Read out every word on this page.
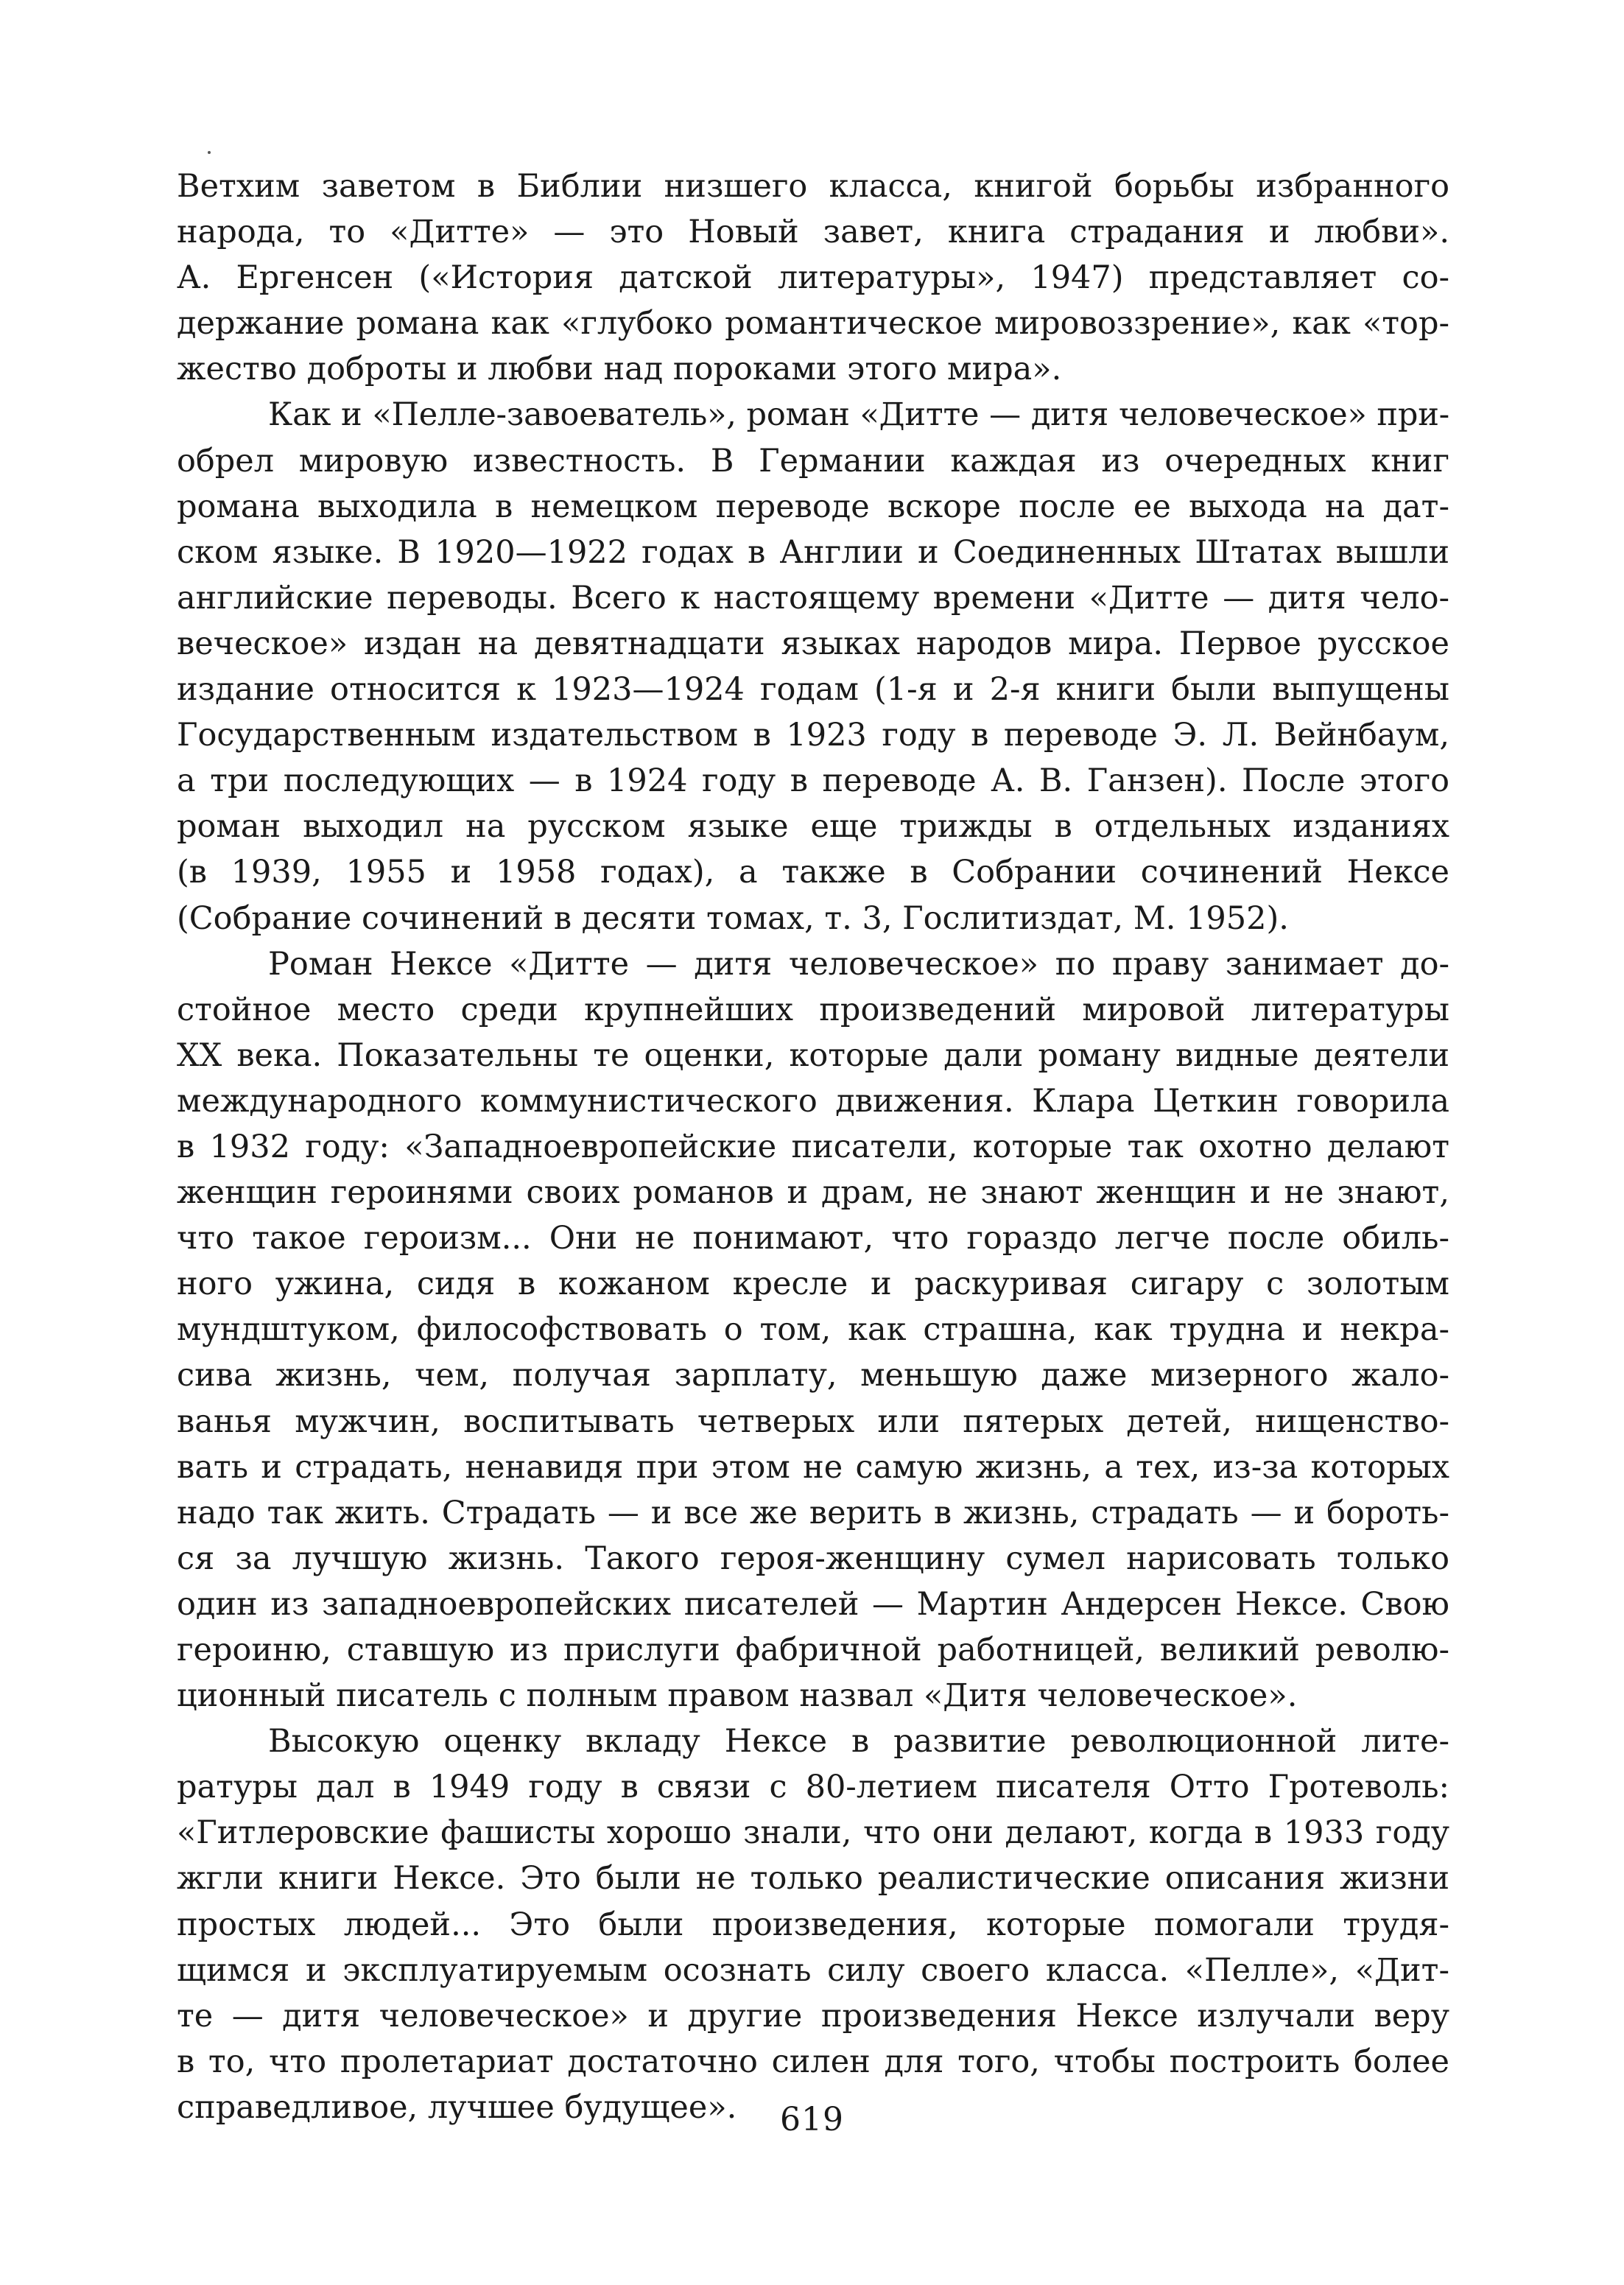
Ветхим заветом в Библии низшего класса, книгой борьбы избранного
народа, то «Дитте» — это Новый завет, книга страдания и любви».
А. Ергенсен («История датской литературы», 1947) представляет со-
держание романа как «глубоко романтическое мировоззрение», как «тор-
жество доброты и любви над пороками этого мира».
Как и «Пелле-завоеватель», роман «Дитте — дитя человеческое» при-
обрел мировую известность. В Германии каждая из очередных книг
романа выходила в немецком переводе вскоре после ее выхода на дат-
ском языке. В 1920—1922 годах в Англии и Соединенных Штатах вышли
английские переводы. Всего к настоящему времени «Дитте — дитя чело-
веческое» издан на девятнадцати языках народов мира. Первое русское
издание относится к 1923—1924 годам (1-я и 2-я книги были выпущены
Государственным издательством в 1923 году в переводе Э. Л. Вейнбаум,
а три последующих — в 1924 году в переводе А. В. Ганзен). После этого
роман выходил на русском языке еще трижды в отдельных изданиях
(в 1939, 1955 и 1958 годах), а также в Собрании сочинений Нексе
(Собрание сочинений в десяти томах, т. 3, Гослитиздат, М. 1952).
Роман Нексе «Дитте — дитя человеческое» по праву занимает до-
стойное место среди крупнейших произведений мировой литературы
XX века. Показательны те оценки, которые дали роману видные деятели
международного коммунистического движения. Клара Цеткин говорила
в 1932 году: «Западноевропейские писатели, которые так охотно делают
женщин героинями своих романов и драм, не знают женщин и не знают,
что такое героизм... Они не понимают, что гораздо легче после обиль-
ного ужина, сидя в кожаном кресле и раскуривая сигару с золотым
мундштуком, философствовать о том, как страшна, как трудна и некра-
сива жизнь, чем, получая зарплату, меньшую даже мизерного жало-
ванья мужчин, воспитывать четверых или пятерых детей, нищенство-
вать и страдать, ненавидя при этом не самую жизнь, а тех, из-за которых
надо так жить. Страдать — и все же верить в жизнь, страдать — и бороть-
ся за лучшую жизнь. Такого героя-женщину сумел нарисовать только
один из западноевропейских писателей — Мартин Андерсен Нексе. Свою
героиню, ставшую из прислуги фабричной работницей, великий револю-
ционный писатель с полным правом назвал «Дитя человеческое».
Высокую оценку вкладу Нексе в развитие революционной лите-
ратуры дал в 1949 году в связи с 80-летием писателя Отто Гротеволь:
«Гитлеровские фашисты хорошо знали, что они делают, когда в 1933 году
жгли книги Нексе. Это были не только реалистические описания жизни
простых людей... Это были произведения, которые помогали трудя-
щимся и эксплуатируемым осознать силу своего класса. «Пелле», «Дит-
те — дитя человеческое» и другие произведения Нексе излучали веру
в то, что пролетариат достаточно силен для того, чтобы построить более
справедливое, лучшее будущее».	619
